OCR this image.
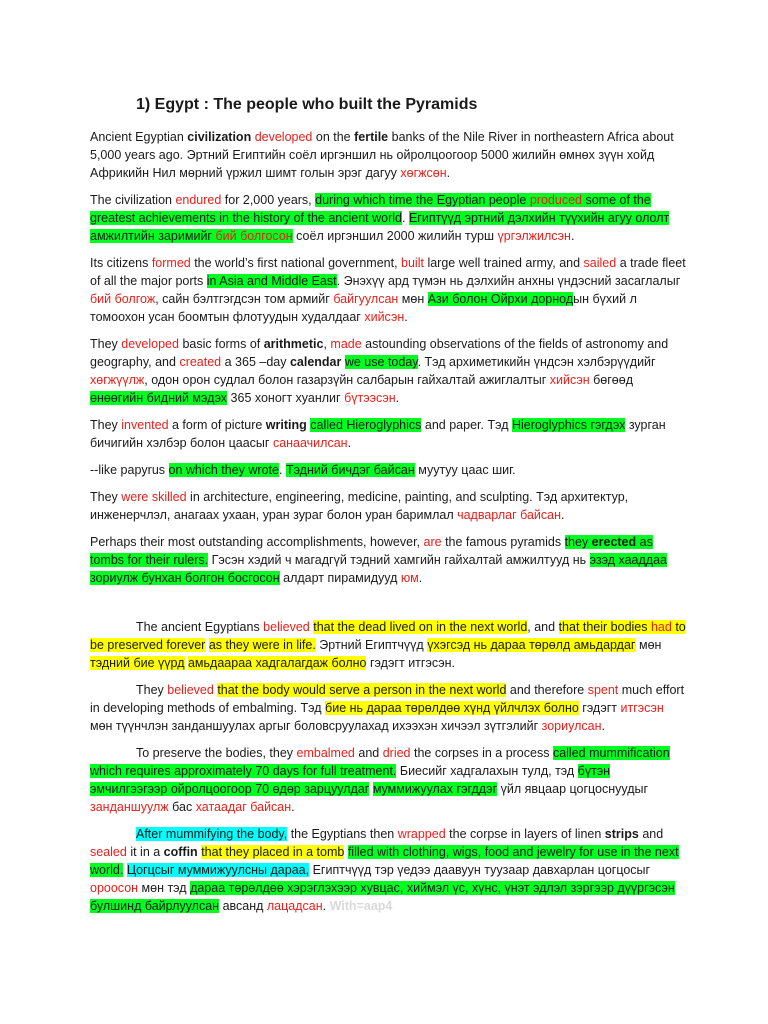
1) Egypt : The people who built the Pyramids

Ancient Egyptian civilization developed on the fertile banks of the Nile River in northeastern Africa about 5,000 years ago. Эртний Египтийн соёл иргэншил нь ойролцоогоор 5000 жилийн өмнөх зүүн хойд Африкийн Нил мөрний үржил шимт голын эрэг дагуу хөгжсөн.

The civilization endured for 2,000 years, during which time the Egyptian people produced some of the greatest achievements in the history of the ancient world. Египтүүд эртний дэлхийн түүхийн агуу ололт амжилтийн заримийг бий болгосон соёл иргэншил 2000 жилийн турш үргэлжилсэн.

Its citizens formed the world’s first national government, built large well trained army, and sailed a trade fleet of all the major ports in Asia and Middle East. Энэхүү ард түмэн нь дэлхийн анхны үндэсний засаглалыг бий болгож, сайн бэлтгэгдсэн том армийг байгуулсан мөн Ази болон Ойрхи дорнодын бүхий л томоохон усан боомтын флотуудын худалдааг хийсэн.

They developed basic forms of arithmetic, made astounding observations of the fields of astronomy and geography, and created a 365 –day calendar we use today. Тэд архиметикийн үндсэн хэлбэрүүдийг хөгжүүлж, одон орон судлал болон газарзүйн салбарын гайхалтай ажиглалтыг хийсэн бөгөөд өнөөгийн бидний мэдэх 365 хоногт хуанлиг бүтээсэн.

They invented a form of picture writing called Hieroglyphics and paper. Тэд Hieroglyphics гэгдэх зурган бичигийн хэлбэр болон цаасыг санаачилсан.

--like papyrus on which they wrote. Тэдний бичдэг байсан муутуу цаас шиг.

They were skilled in architecture, engineering, medicine, painting, and sculpting. Тэд архитектур, инженерчлэл, анагаах ухаан, уран зураг болон уран баримлал чадварлаг байсан.

Perhaps their most outstanding accomplishments, however, are the famous pyramids they erected as tombs for their rulers. Гэсэн хэдий ч магадгүй тэдний хамгийн гайхалтай амжилтууд нь эзэд хааддаа зориулж бунхан болгон босгосон алдарт пирамидууд юм.

The ancient Egyptians believed that the dead lived on in the next world, and that their bodies had to be preserved forever as they were in life. Эртний Египтчүүд үхэгсэд нь дараа төрөлд амьдардаг мөн тэдний бие үүрд амьдаараа хадгалагдаж болно гэдэгт итгэсэн.

They believed that the body would serve a person in the next world and therefore spent much effort in developing methods of embalming. Тэд бие нь дараа төрөлдөө хүнд үйлчлэх болно гэдэгт итгэсэн мөн түүнчлэн занданшуулах аргыг боловсруулахад ихээхэн хичээл зүтгэлийг зориулсан.

To preserve the bodies, they embalmed and dried the corpses in a process called mummification which requires approximately 70 days for full treatment. Биесийг хадгалахын тулд, тэд бүтэн эмчилгээгээр ойролцоогоор 70 өдөр зарцуулдаг муммижуулах гэгддэг үйл явцаар цогцоснуудыг занданшуулж бас хатаадаг байсан.

After mummifying the body, the Egyptians then wrapped the corpse in layers of linen strips and sealed it in a coffin that they placed in a tomb filled with clothing, wigs, food and jewelry for use in the next world. Цогцсыг муммижуулсны дараа, Египтчүүд тэр үедээ даавуун туузаар давхарлан цогцосыг ороосон мөн тэд дараа төрөлдөө хэрэглэхээр хувцас, хиймэл үс, хүнс, үнэт эдлэл зэргээр дүүргэсэн булшинд байрлуулсан авсанд лацадсан. With=aap4
